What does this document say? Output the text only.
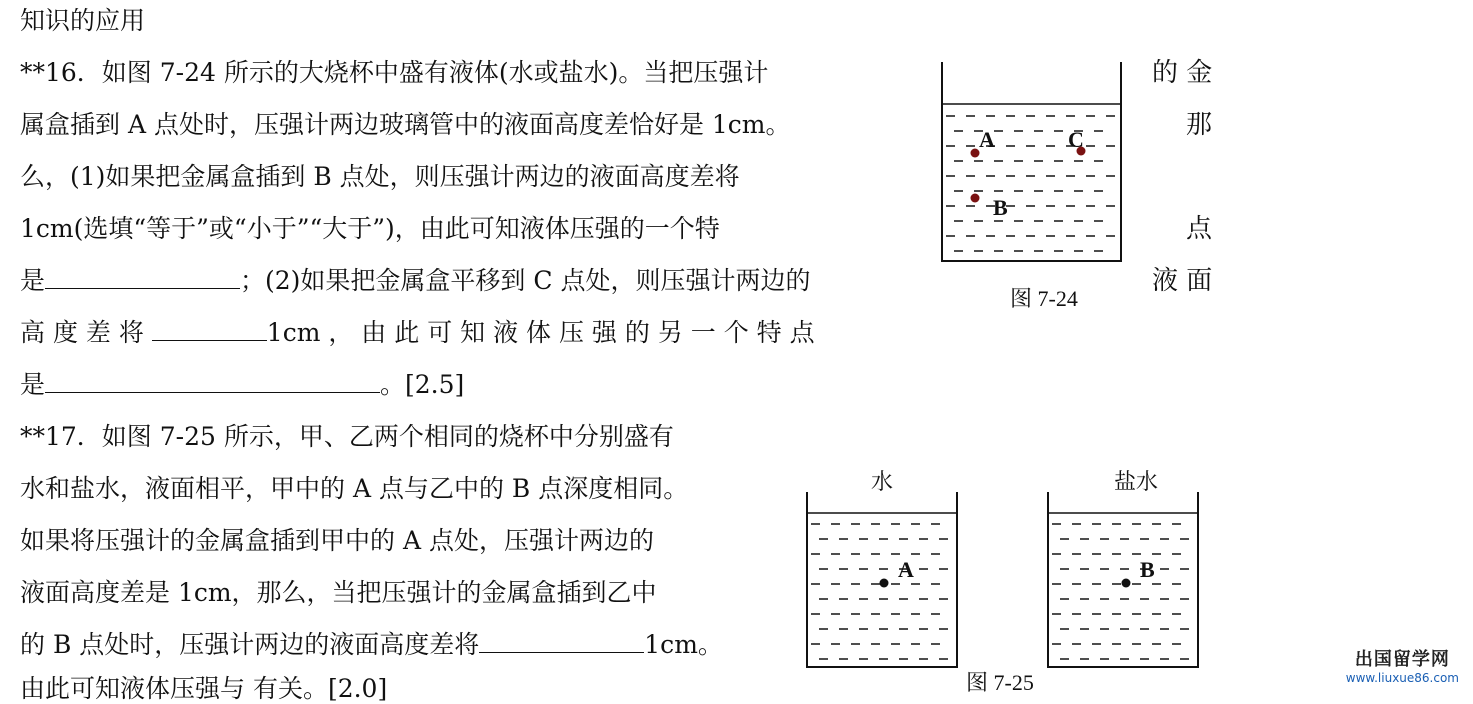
知识的应用
**16．如图 7-24 所示的大烧杯中盛有液体(水或盐水)。当把压强计
属盒插到 A 点处时，压强计两边玻璃管中的液面高度差恰好是 1cm。
么，(1)如果把金属盒插到 B 点处，则压强计两边的液面高度差将
1cm(选填“等于”或“小于”“大于”)，由此可知液体压强的一个特
是	；(2)如果把金属盒平移到 C 点处，则压强计两边的
高 度 差 将	1cm ， 由 此 可 知 液 体 压 强 的 另 一 个 特 点
是	。[2.5]
的 金
那
点
液 面
**17．如图 7-25 所示，甲、乙两个相同的烧杯中分别盛有
水和盐水，液面相平，甲中的 A 点与乙中的 B 点深度相同。
如果将压强计的金属盒插到甲中的 A 点处，压强计两边的
液面高度差是 1cm，那么，当把压强计的金属盒插到乙中
的 B 点处时，压强计两边的液面高度差将	1cm。
由此可知液体压强与 有关。[2.0]
A
B
C
图 7-24
水	盐水
A	B
图 7-25
出国留学网
www.liuxue86.com
